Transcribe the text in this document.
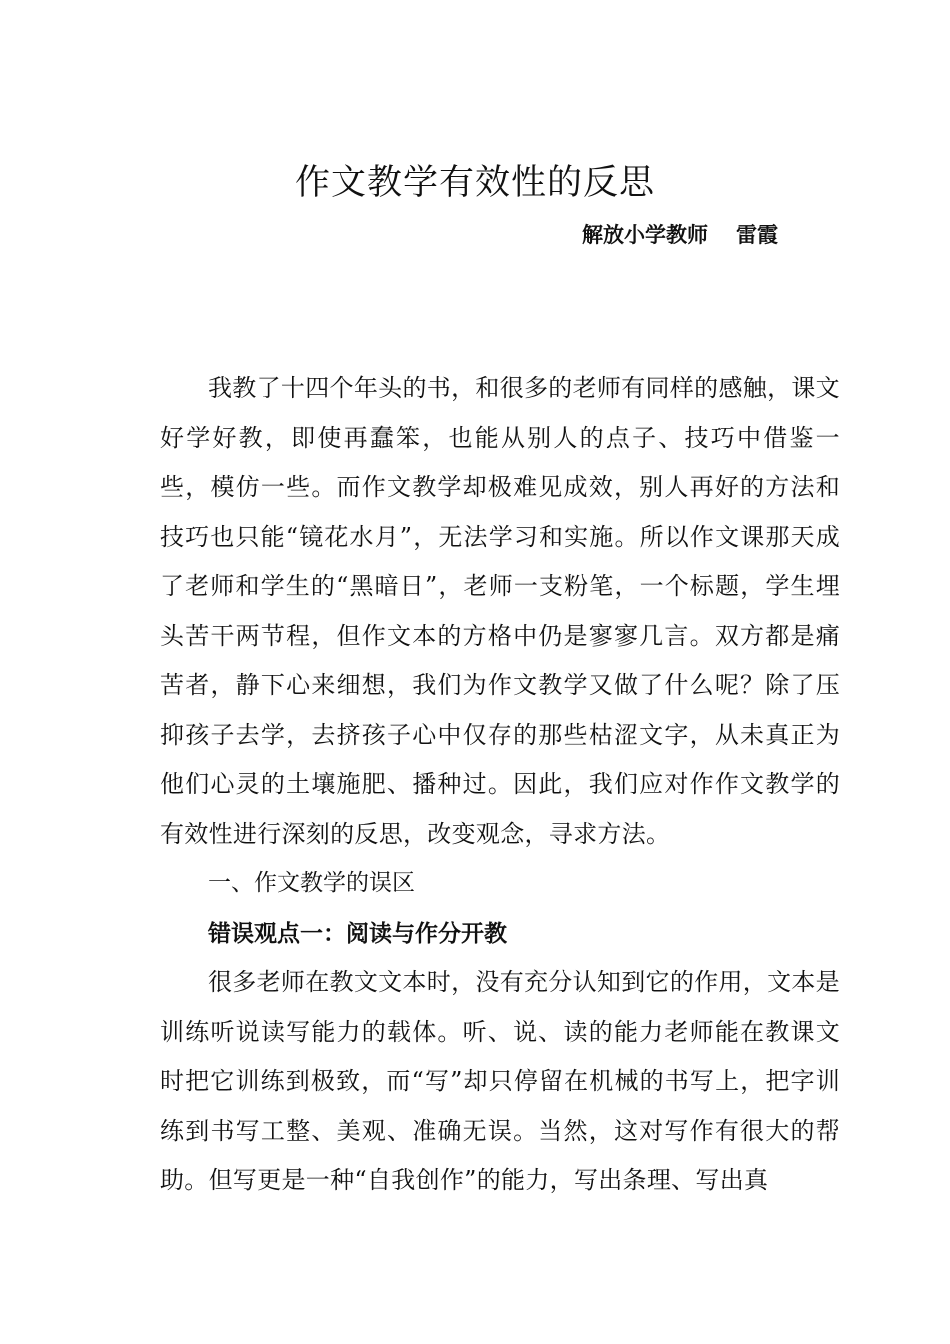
作文教学有效性的反思
解放小学教师 雷霞

我教了十四个年头的书，和很多的老师有同样的感触，课文好学好教，即使再蠢笨，也能从别人的点子、技巧中借鉴一些，模仿一些。而作文教学却极难见成效，别人再好的方法和技巧也只能“镜花水月”，无法学习和实施。所以作文课那天成了老师和学生的“黑暗日”，老师一支粉笔，一个标题，学生埋头苦干两节程，但作文本的方格中仍是寥寥几言。双方都是痛苦者，静下心来细想，我们为作文教学又做了什么呢？除了压抑孩子去学，去挤孩子心中仅存的那些枯涩文字，从未真正为他们心灵的土壤施肥、播种过。因此，我们应对作作文教学的有效性进行深刻的反思，改变观念，寻求方法。

一、作文教学的误区
错误观点一：阅读与作分开教

很多老师在教文文本时，没有充分认知到它的作用，文本是训练听说读写能力的载体。听、说、读的能力老师能在教课文时把它训练到极致，而“写”却只停留在机械的书写上，把字训练到书写工整、美观、准确无误。当然，这对写作有很大的帮助。但写更是一种“自我创作”的能力，写出条理、写出真
